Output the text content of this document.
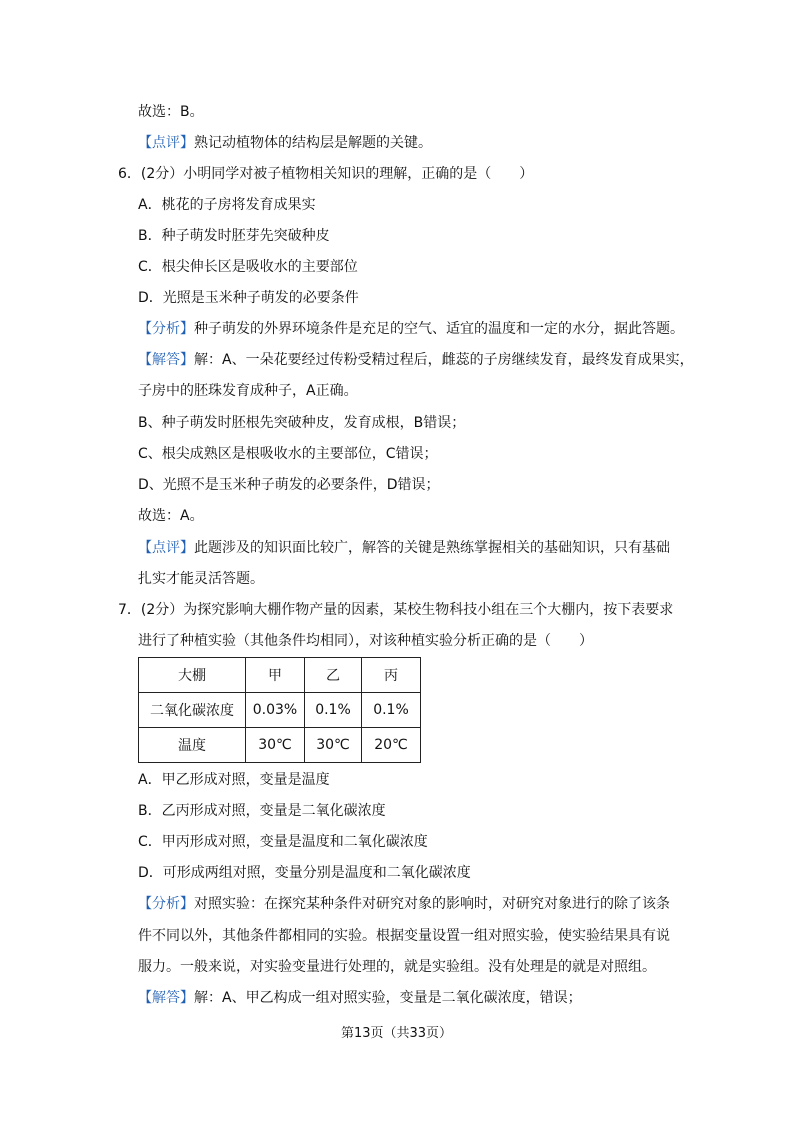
故选：B。
【点评】熟记动植物体的结构层是解题的关键。
6．(2分）小明同学对被子植物相关知识的理解，正确的是（　　）
A．桃花的子房将发育成果实
B．种子萌发时胚芽先突破种皮
C．根尖伸长区是吸收水的主要部位
D．光照是玉米种子萌发的必要条件
【分析】种子萌发的外界环境条件是充足的空气、适宜的温度和一定的水分，据此答题。
【解答】解：A、一朵花要经过传粉受精过程后，雌蕊的子房继续发育，最终发育成果实，
子房中的胚珠发育成种子，A正确。
B、种子萌发时胚根先突破种皮，发育成根，B错误；
C、根尖成熟区是根吸收水的主要部位，C错误；
D、光照不是玉米种子萌发的必要条件，D错误；
故选：A。
【点评】此题涉及的知识面比较广，解答的关键是熟练掌握相关的基础知识，只有基础
扎实才能灵活答题。
7．(2分）为探究影响大棚作物产量的因素，某校生物科技小组在三个大棚内，按下表要求
进行了种植实验（其他条件均相同），对该种植实验分析正确的是（　　）
大棚	甲	乙	丙
二氧化碳浓度	0.03%	0.1%	0.1%
温度	30℃	30℃	20℃
A．甲乙形成对照，变量是温度
B．乙丙形成对照，变量是二氧化碳浓度
C．甲丙形成对照，变量是温度和二氧化碳浓度
D．可形成两组对照，变量分别是温度和二氧化碳浓度
【分析】对照实验：在探究某种条件对研究对象的影响时，对研究对象进行的除了该条
件不同以外，其他条件都相同的实验。根据变量设置一组对照实验，使实验结果具有说
服力。一般来说，对实验变量进行处理的，就是实验组。没有处理是的就是对照组。
【解答】解：A、甲乙构成一组对照实验，变量是二氧化碳浓度，错误；
第13页（共33页）
